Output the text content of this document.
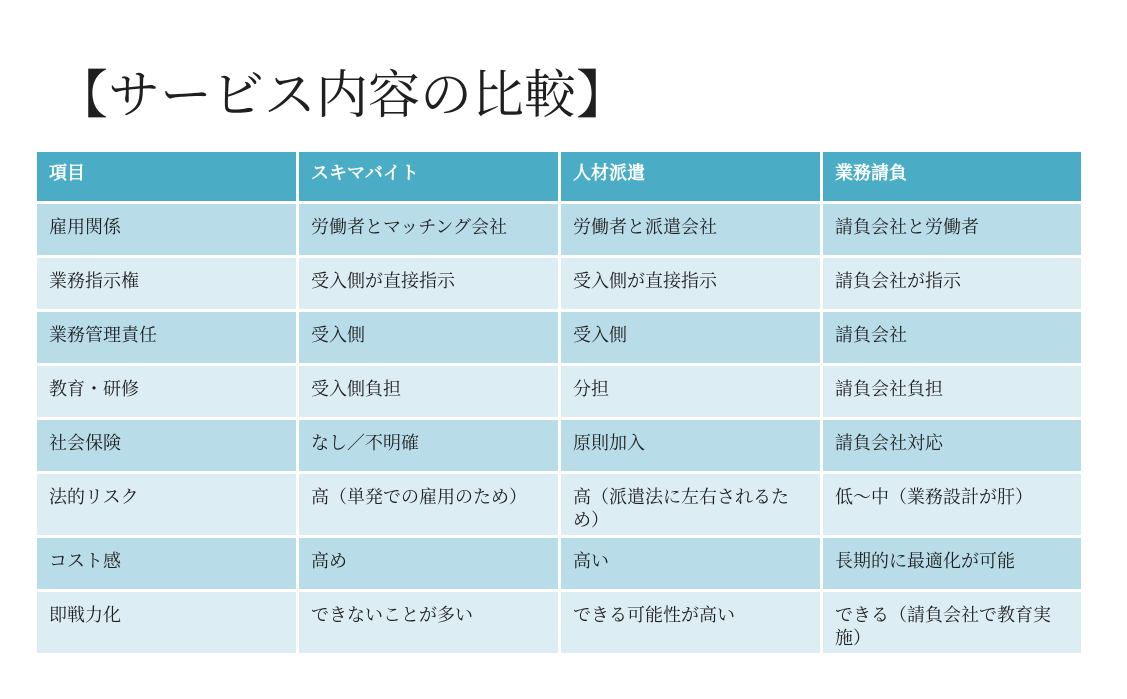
【サービス内容の比較】
項目	スキマバイト	人材派遣	業務請負
雇用関係	労働者とマッチング会社	労働者と派遣会社	請負会社と労働者
業務指示権	受入側が直接指示	受入側が直接指示	請負会社が指示
業務管理責任	受入側	受入側	請負会社
教育・研修	受入側負担	分担	請負会社負担
社会保険	なし／不明確	原則加入	請負会社対応
法的リスク	高（単発での雇用のため）	高（派遣法に左右されるため）	低～中（業務設計が肝）
コスト感	高め	高い	長期的に最適化が可能
即戦力化	できないことが多い	できる可能性が高い	できる（請負会社で教育実施）
